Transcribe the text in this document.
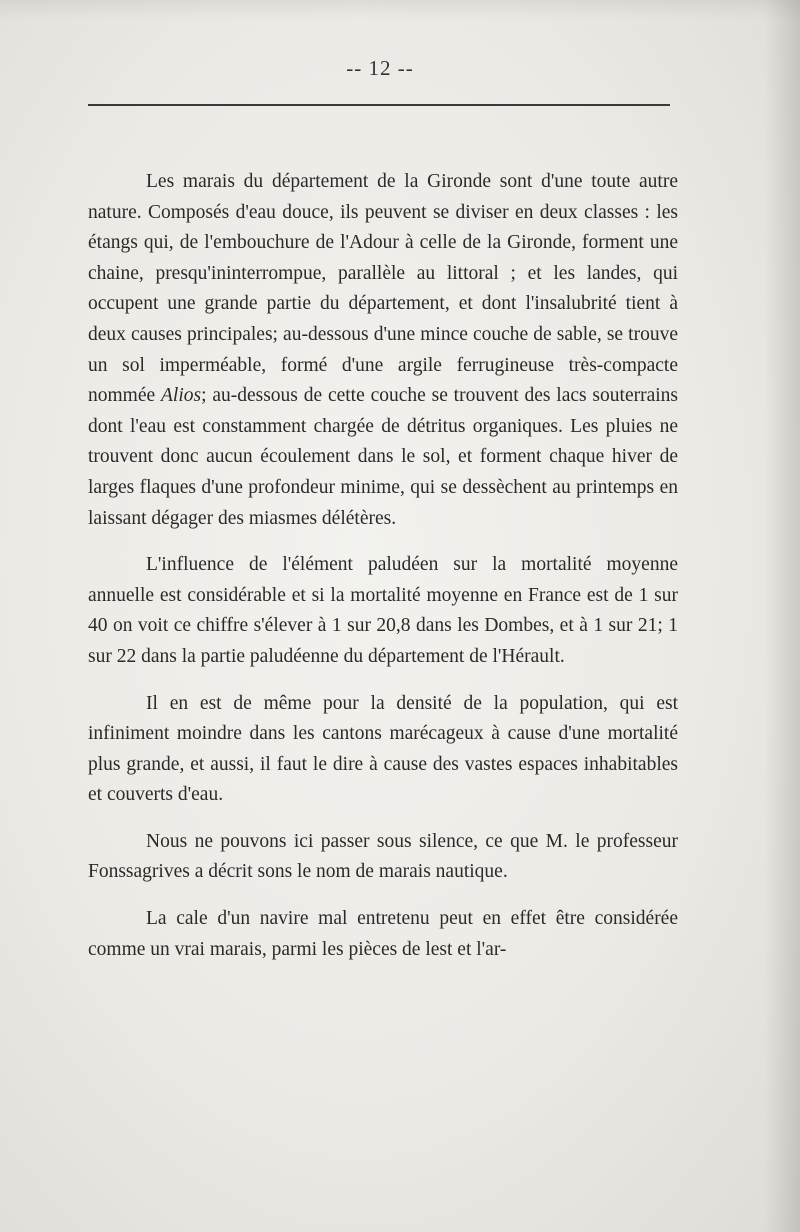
-- 12 --

Les marais du département de la Gironde sont d'une toute autre nature. Composés d'eau douce, ils peuvent se diviser en deux classes : les étangs qui, de l'embouchure de l'Adour à celle de la Gironde, forment une chaine, presqu'ininterrompue, parallèle au littoral ; et les landes, qui occupent une grande partie du département, et dont l'insalubrité tient à deux causes principales; au-dessous d'une mince couche de sable, se trouve un sol imperméable, formé d'une argile ferrugineuse très-compacte nommée Alios; au-dessous de cette couche se trouvent des lacs souterrains dont l'eau est constamment chargée de détritus organiques. Les pluies ne trouvent donc aucun écoulement dans le sol, et forment chaque hiver de larges flaques d'une profondeur minime, qui se dessèchent au printemps en laissant dégager des miasmes délétères.

L'influence de l'élément paludéen sur la mortalité moyenne annuelle est considérable et si la mortalité moyenne en France est de 1 sur 40 on voit ce chiffre s'élever à 1 sur 20,8 dans les Dombes, et à 1 sur 21; 1 sur 22 dans la partie paludéenne du département de l'Hérault.

Il en est de même pour la densité de la population, qui est infiniment moindre dans les cantons marécageux à cause d'une mortalité plus grande, et aussi, il faut le dire à cause des vastes espaces inhabitables et couverts d'eau.

Nous ne pouvons ici passer sous silence, ce que M. le professeur Fonssagrives a décrit sons le nom de marais nautique.

La cale d'un navire mal entretenu peut en effet être considérée comme un vrai marais, parmi les pièces de lest et l'ar-
